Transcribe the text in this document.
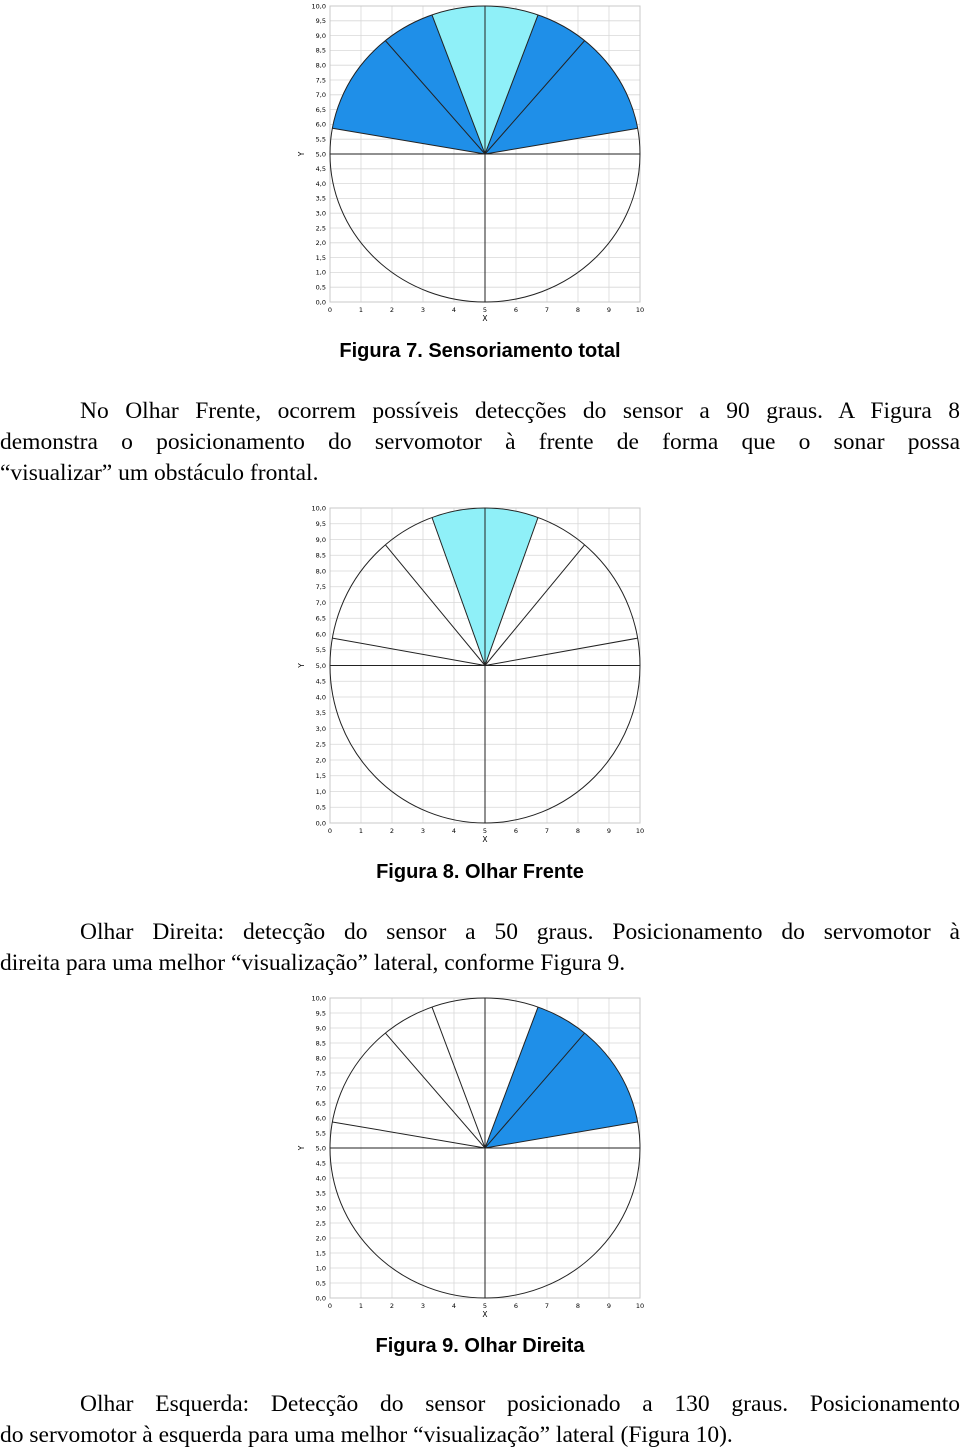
0	1	2	3	4	5	6	7	8	9	10
0,0
0,5
1,0
1,5
2,0
2,5
3,0
3,5
4,0
4,5
5,0
5,5
6,0
6,5
7,0
7,5
8,0
8,5
9,0
9,5
10,0
X
Y
Figura 7. Sensoriamento total
No Olhar Frente, ocorrem possíveis detecções do sensor a 90 graus. A Figura 8
demonstra o posicionamento do servomotor à frente de forma que o sonar possa
“visualizar” um obstáculo frontal.
0	1	2	3	4	5	6	7	8	9	10
0,0
0,5
1,0
1,5
2,0
2,5
3,0
3,5
4,0
4,5
5,0
5,5
6,0
6,5
7,0
7,5
8,0
8,5
9,0
9,5
10,0
X
Y
Figura 8. Olhar Frente
Olhar Direita: detecção do sensor a 50 graus. Posicionamento do servomotor à
direita para uma melhor “visualização” lateral, conforme Figura 9.
0	1	2	3	4	5	6	7	8	9	10
0,0
0,5
1,0
1,5
2,0
2,5
3,0
3,5
4,0
4,5
5,0
5,5
6,0
6,5
7,0
7,5
8,0
8,5
9,0
9,5
10,0
X
Y
Figura 9. Olhar Direita
Olhar Esquerda: Detecção do sensor posicionado a 130 graus. Posicionamento
do servomotor à esquerda para uma melhor “visualização” lateral (Figura 10).
